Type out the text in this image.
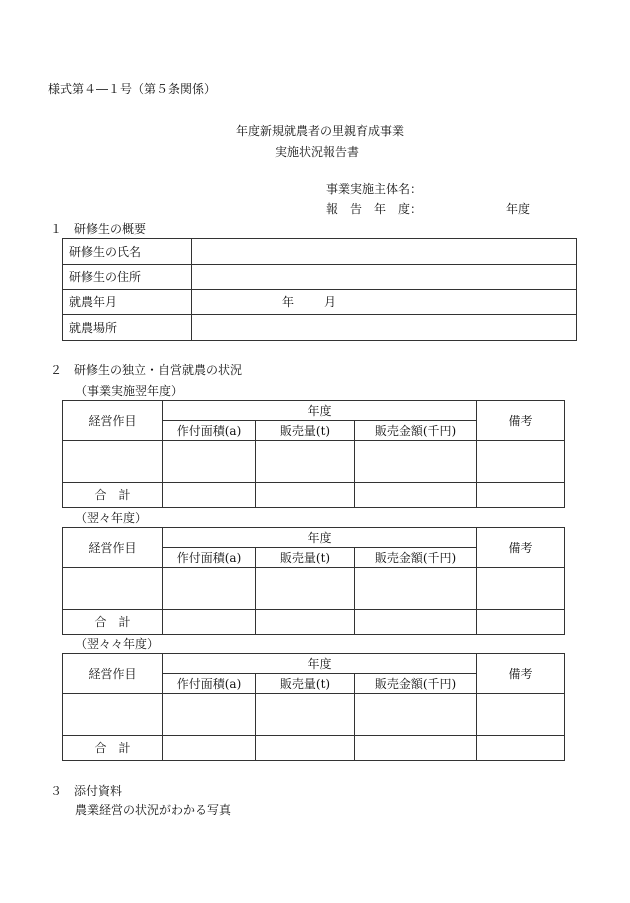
様式第４―１号（第５条関係）
年度新規就農者の里親育成事業
実施状況報告書
事業実施主体名：
報　告　年　度：	年度
１　研修生の概要
研修生の氏名	
研修生の住所	
就農年月	年 月

就農場所	
２　研修生の独立・自営就農の状況
（事業実施翌年度）
経営作目	年度			備考
	作付面積(a)	販売量(t)	販売金額(千円)	

合　計				
（翌々年度）
経営作目	年度			備考
	作付面積(a)	販売量(t)	販売金額(千円)	

合　計				
（翌々々年度）
経営作目	年度			備考
	作付面積(a)	販売量(t)	販売金額(千円)	

合　計				
３　添付資料
農業経営の状況がわかる写真
